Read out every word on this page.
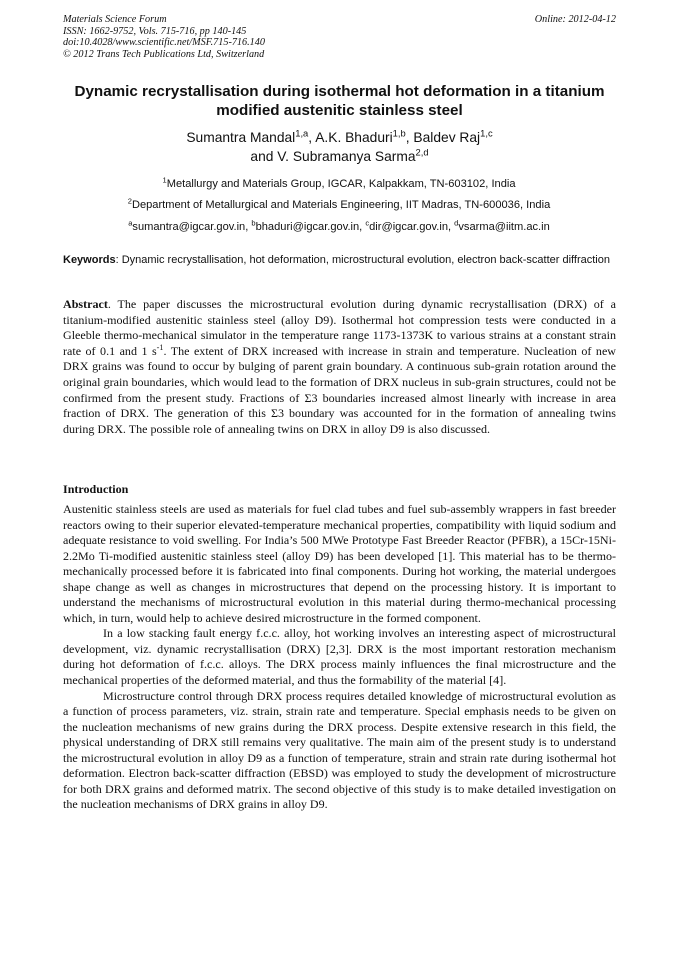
Materials Science Forum
ISSN: 1662-9752, Vols. 715-716, pp 140-145
doi:10.4028/www.scientific.net/MSF.715-716.140
© 2012 Trans Tech Publications Ltd, Switzerland
Online: 2012-04-12
Dynamic recrystallisation during isothermal hot deformation in a titanium modified austenitic stainless steel
Sumantra Mandal$^{1,a}$, A.K. Bhaduri$^{1,b}$, Baldev Raj$^{1,c}$
and V. Subramanya Sarma$^{2,d}$
$^1$Metallurgy and Materials Group, IGCAR, Kalpakkam, TN-603102, India
$^2$Department of Metallurgical and Materials Engineering, IIT Madras, TN-600036, India
$^a$sumantra@igcar.gov.in, $^b$bhaduri@igcar.gov.in, $^c$dir@igcar.gov.in, $^d$vsarma@iitm.ac.in
Keywords: Dynamic recrystallisation, hot deformation, microstructural evolution, electron back-scatter diffraction
Abstract. The paper discusses the microstructural evolution during dynamic recrystallisation (DRX) of a titanium-modified austenitic stainless steel (alloy D9). Isothermal hot compression tests were conducted in a Gleeble thermo-mechanical simulator in the temperature range 1173-1373K to various strains at a constant strain rate of 0.1 and 1 $s^{-1}$. The extent of DRX increased with increase in strain and temperature. Nucleation of new DRX grains was found to occur by bulging of parent grain boundary. A continuous sub-grain rotation around the original grain boundaries, which would lead to the formation of DRX nucleus in sub-grain structures, could not be confirmed from the present study. Fractions of Σ3 boundaries increased almost linearly with increase in area fraction of DRX. The generation of this Σ3 boundary was accounted for in the formation of annealing twins during DRX. The possible role of annealing twins on DRX in alloy D9 is also discussed.
Introduction

Austenitic stainless steels are used as materials for fuel clad tubes and fuel sub-assembly wrappers in fast breeder reactors owing to their superior elevated-temperature mechanical properties, compatibility with liquid sodium and adequate resistance to void swelling. For India’s 500 MWe Prototype Fast Breeder Reactor (PFBR), a 15Cr-15Ni-2.2Mo Ti-modified austenitic stainless steel (alloy D9) has been developed [1]. This material has to be thermo-mechanically processed before it is fabricated into final components. During hot working, the material undergoes shape change as well as changes in microstructures that depend on the processing history. It is important to understand the mechanisms of microstructural evolution in this material during thermo-mechanical processing which, in turn, would help to achieve desired microstructure in the formed component.

In a low stacking fault energy f.c.c. alloy, hot working involves an interesting aspect of microstructural development, viz. dynamic recrystallisation (DRX) [2,3]. DRX is the most important restoration mechanism during hot deformation of f.c.c. alloys. The DRX process mainly influences the final microstructure and the mechanical properties of the deformed material, and thus the formability of the material [4].

Microstructure control through DRX process requires detailed knowledge of microstructural evolution as a function of process parameters, viz. strain, strain rate and temperature. Special emphasis needs to be given on the nucleation mechanisms of new grains during the DRX process. Despite extensive research in this field, the physical understanding of DRX still remains very qualitative. The main aim of the present study is to understand the microstructural evolution in alloy D9 as a function of temperature, strain and strain rate during isothermal hot deformation. Electron back-scatter diffraction (EBSD) was employed to study the development of microstructure for both DRX grains and deformed matrix. The second objective of this study is to make detailed investigation on the nucleation mechanisms of DRX grains in alloy D9.
